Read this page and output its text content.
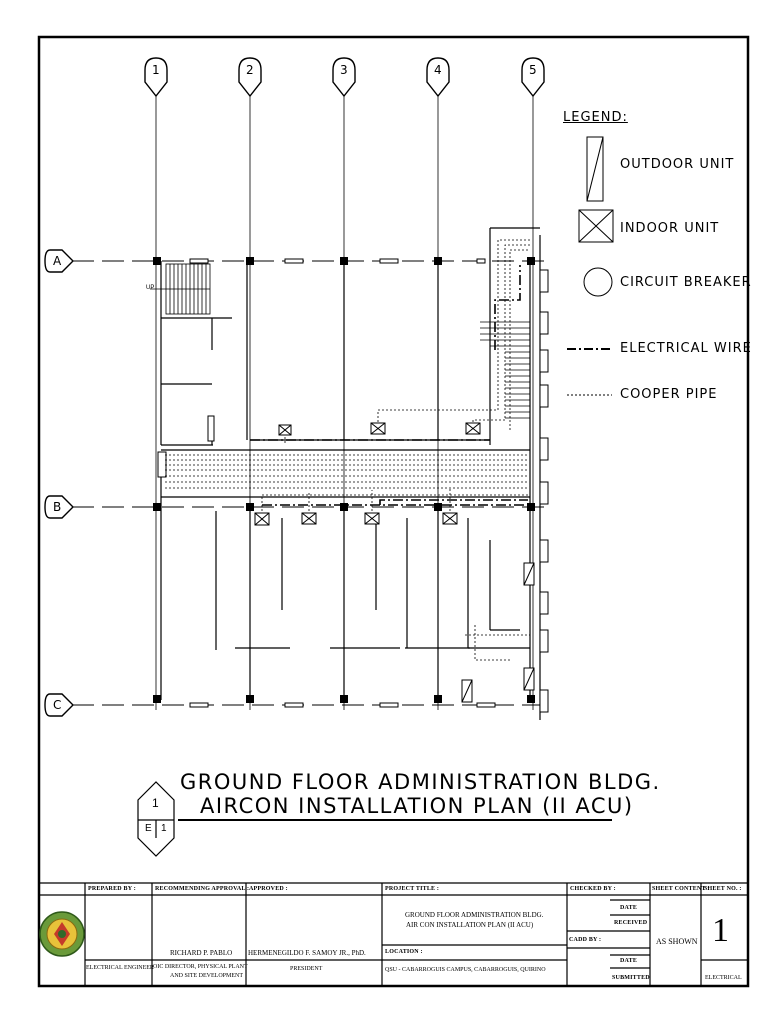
1	2	3	4	5
A
B
C
UP
LEGEND:
OUTDOOR UNIT
INDOOR UNIT
CIRCUIT BREAKER
ELECTRICAL WIRE
COOPER PIPE
GROUND FLOOR ADMINISTRATION BLDG.
AIRCON INSTALLATION PLAN (II ACU)
1
E 1
PREPARED BY :
ELECTRICAL ENGINEER
RECOMMENDING APPROVAL :
RICHARD P. PABLO
OIC DIRECTOR, PHYSICAL PLANT
AND SITE DEVELOPMENT
APPROVED :
HERMENEGILDO F. SAMOY JR., PhD.
PRESIDENT
PROJECT TITLE :
GROUND FLOOR ADMINISTRATION BLDG.
AIR CON INSTALLATION PLAN (II ACU)
LOCATION :
QSU - CABARROGUIS CAMPUS, CABARROGUIS, QUIRINO
CHECKED BY :
DATE
RECEIVED
CADD BY :
DATE
SUBMITTED
SHEET CONTENT :
AS SHOWN
SHEET NO. :
1
ELECTRICAL
